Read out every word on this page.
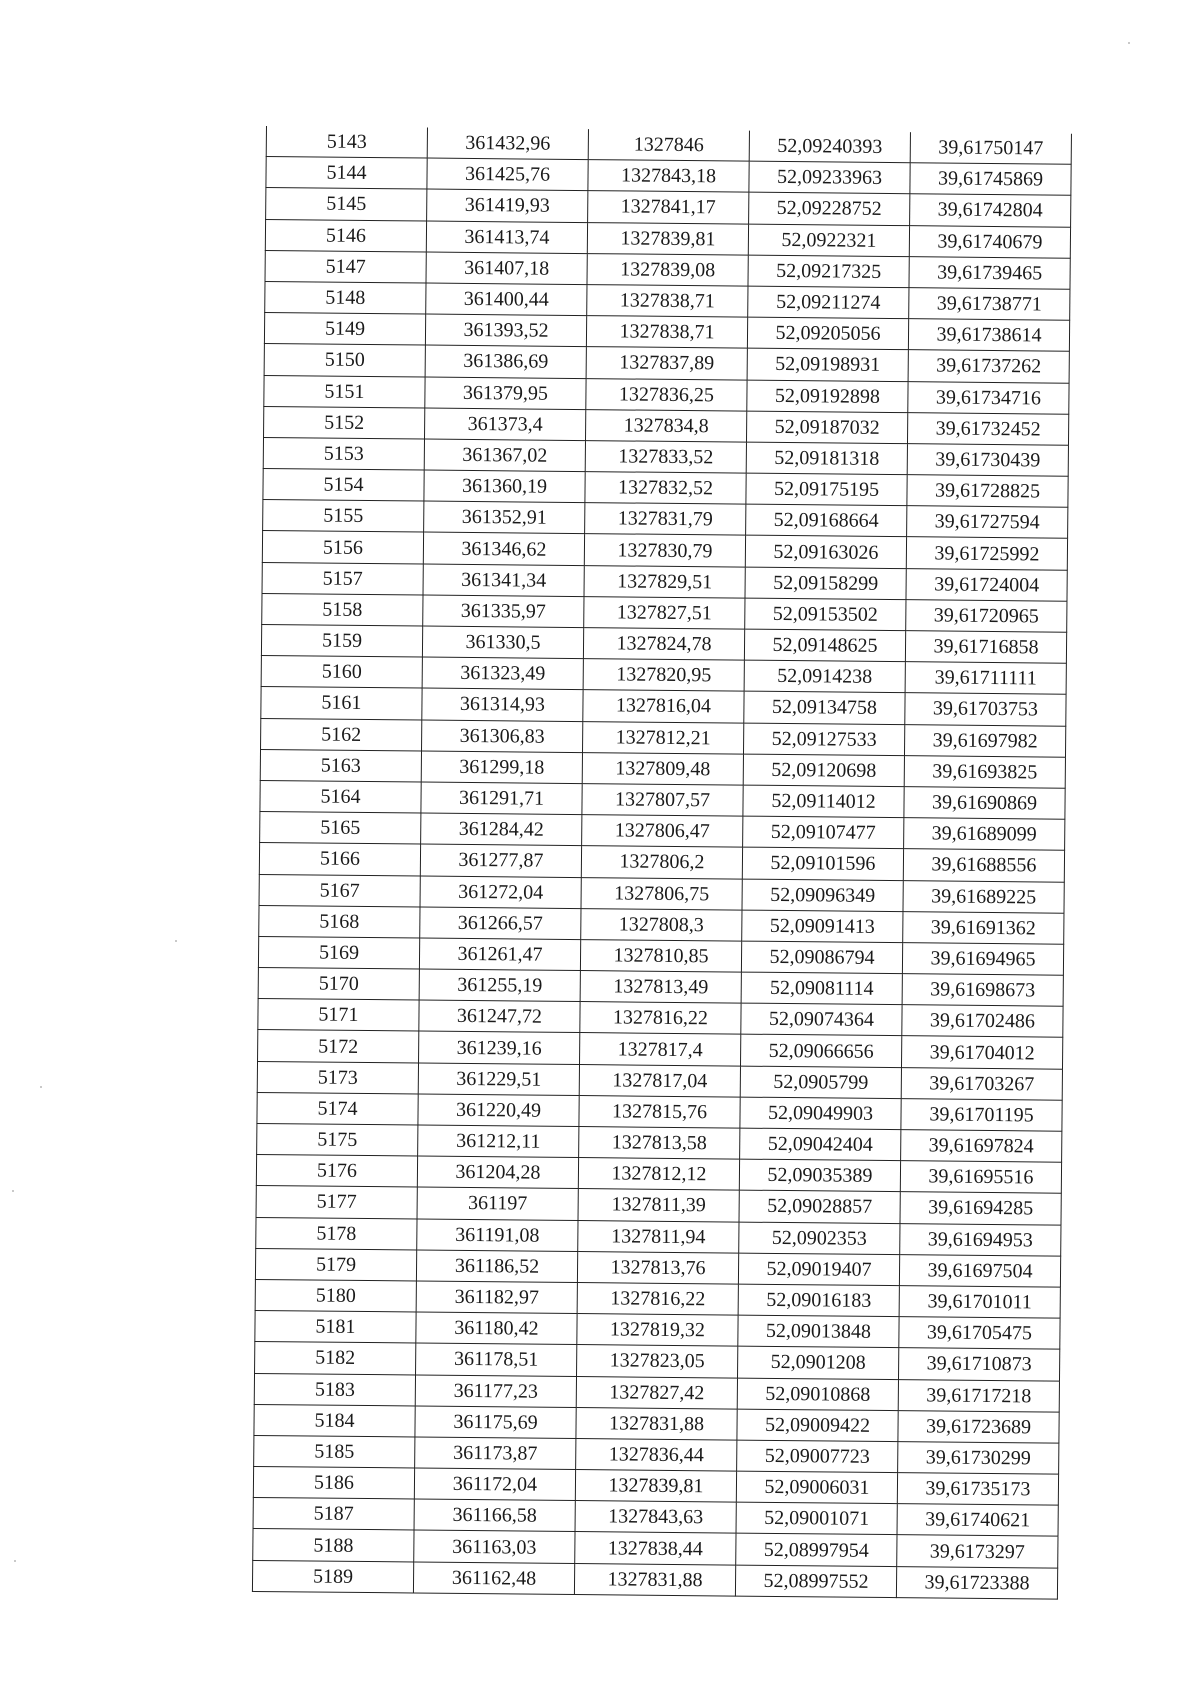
5143	361432,96	1327846	52,09240393	39,61750147
5144	361425,76	1327843,18	52,09233963	39,61745869
5145	361419,93	1327841,17	52,09228752	39,61742804
5146	361413,74	1327839,81	52,0922321	39,61740679
5147	361407,18	1327839,08	52,09217325	39,61739465
5148	361400,44	1327838,71	52,09211274	39,61738771
5149	361393,52	1327838,71	52,09205056	39,61738614
5150	361386,69	1327837,89	52,09198931	39,61737262
5151	361379,95	1327836,25	52,09192898	39,61734716
5152	361373,4	1327834,8	52,09187032	39,61732452
5153	361367,02	1327833,52	52,09181318	39,61730439
5154	361360,19	1327832,52	52,09175195	39,61728825
5155	361352,91	1327831,79	52,09168664	39,61727594
5156	361346,62	1327830,79	52,09163026	39,61725992
5157	361341,34	1327829,51	52,09158299	39,61724004
5158	361335,97	1327827,51	52,09153502	39,61720965
5159	361330,5	1327824,78	52,09148625	39,61716858
5160	361323,49	1327820,95	52,0914238	39,61711111
5161	361314,93	1327816,04	52,09134758	39,61703753
5162	361306,83	1327812,21	52,09127533	39,61697982
5163	361299,18	1327809,48	52,09120698	39,61693825
5164	361291,71	1327807,57	52,09114012	39,61690869
5165	361284,42	1327806,47	52,09107477	39,61689099
5166	361277,87	1327806,2	52,09101596	39,61688556
5167	361272,04	1327806,75	52,09096349	39,61689225
5168	361266,57	1327808,3	52,09091413	39,61691362
5169	361261,47	1327810,85	52,09086794	39,61694965
5170	361255,19	1327813,49	52,09081114	39,61698673
5171	361247,72	1327816,22	52,09074364	39,61702486
5172	361239,16	1327817,4	52,09066656	39,61704012
5173	361229,51	1327817,04	52,0905799	39,61703267
5174	361220,49	1327815,76	52,09049903	39,61701195
5175	361212,11	1327813,58	52,09042404	39,61697824
5176	361204,28	1327812,12	52,09035389	39,61695516
5177	361197	1327811,39	52,09028857	39,61694285
5178	361191,08	1327811,94	52,0902353	39,61694953
5179	361186,52	1327813,76	52,09019407	39,61697504
5180	361182,97	1327816,22	52,09016183	39,61701011
5181	361180,42	1327819,32	52,09013848	39,61705475
5182	361178,51	1327823,05	52,0901208	39,61710873
5183	361177,23	1327827,42	52,09010868	39,61717218
5184	361175,69	1327831,88	52,09009422	39,61723689
5185	361173,87	1327836,44	52,09007723	39,61730299
5186	361172,04	1327839,81	52,09006031	39,61735173
5187	361166,58	1327843,63	52,09001071	39,61740621
5188	361163,03	1327838,44	52,08997954	39,6173297
5189	361162,48	1327831,88	52,08997552	39,61723388
